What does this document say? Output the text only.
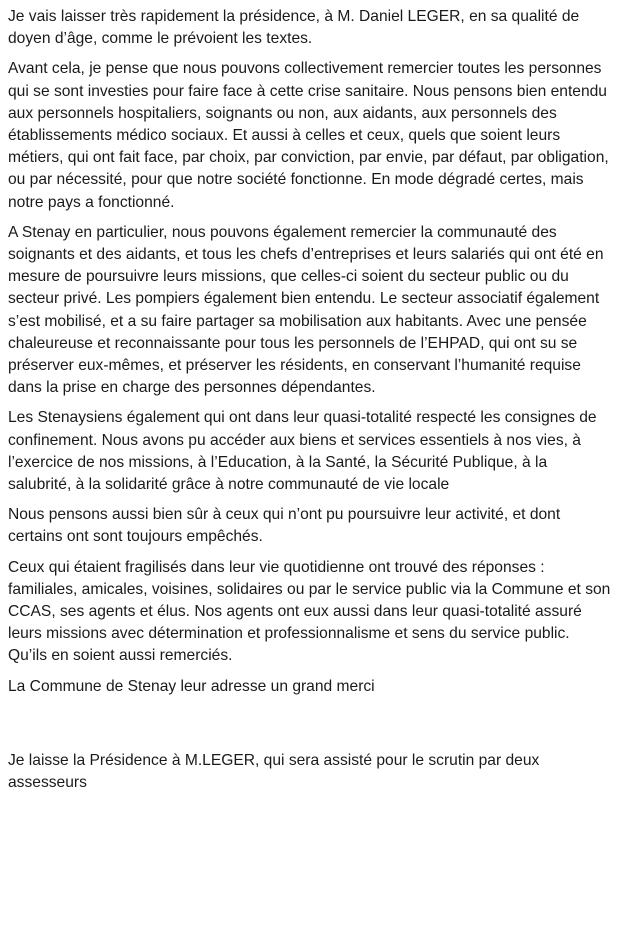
Je vais laisser très rapidement la présidence, à M. Daniel LEGER, en sa qualité de doyen d’âge, comme le prévoient les textes.

Avant cela, je pense que nous pouvons collectivement remercier toutes les personnes qui se sont investies pour faire face à cette crise sanitaire. Nous pensons bien entendu aux personnels hospitaliers, soignants ou non, aux aidants, aux personnels des établissements médico sociaux. Et aussi à celles et ceux, quels que soient leurs métiers, qui ont fait face, par choix, par conviction, par envie, par défaut, par obligation, ou par nécessité, pour que notre société fonctionne. En mode dégradé certes, mais notre pays a fonctionné.

A Stenay en particulier, nous pouvons également remercier la communauté des soignants et des aidants, et tous les chefs d’entreprises et leurs salariés qui ont été en mesure de poursuivre leurs missions, que celles-ci soient du secteur public ou du secteur privé. Les pompiers également bien entendu. Le secteur associatif également s’est mobilisé, et a su faire partager sa mobilisation aux habitants. Avec une pensée chaleureuse et reconnaissante pour tous les personnels de l’EHPAD, qui ont su se préserver eux-mêmes, et préserver les résidents, en conservant l’humanité requise dans la prise en charge des personnes dépendantes.

Les Stenaysiens également qui ont dans leur quasi-totalité respecté les consignes de confinement. Nous avons pu accéder aux biens et services essentiels à nos vies, à l’exercice de nos missions, à l’Education, à la Santé, la Sécurité Publique, à la salubrité, à la solidarité grâce à notre communauté de vie locale

Nous pensons aussi bien sûr à ceux qui n’ont pu poursuivre leur activité, et dont certains ont sont toujours empêchés.

Ceux qui étaient fragilisés dans leur vie quotidienne ont trouvé des réponses : familiales, amicales, voisines, solidaires ou par le service public via la Commune et son CCAS, ses agents et élus. Nos agents ont eux aussi dans leur quasi-totalité assuré leurs missions avec détermination et professionnalisme et sens du service public. Qu’ils en soient aussi remerciés.

La Commune de Stenay leur adresse un grand merci

Je laisse la Présidence à M.LEGER, qui sera assisté pour le scrutin par deux assesseurs
